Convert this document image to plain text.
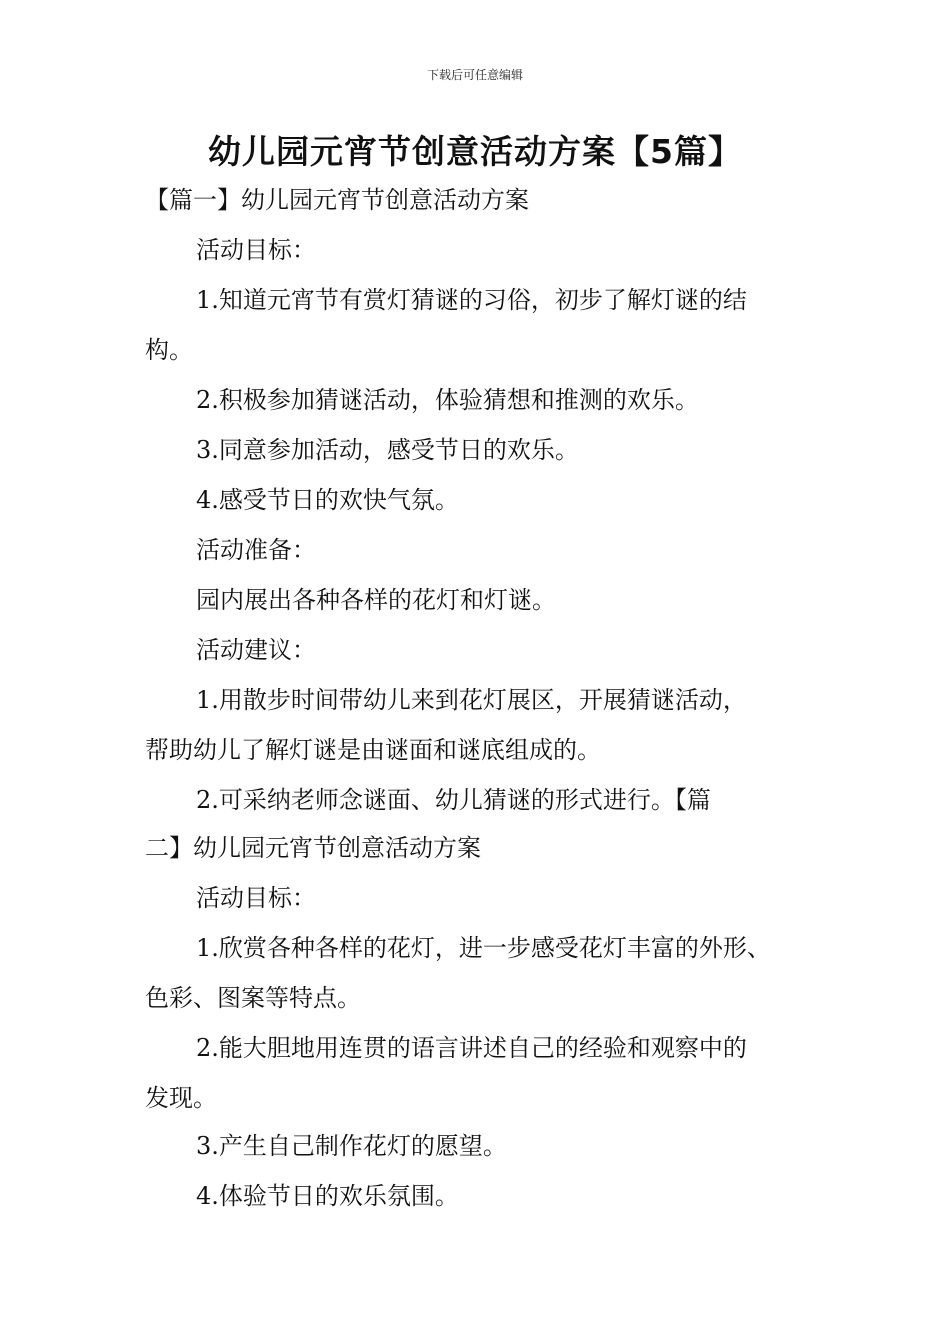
下载后可任意编辑
幼儿园元宵节创意活动方案【5篇】
【篇一】幼儿园元宵节创意活动方案
活动目标：
1.知道元宵节有赏灯猜谜的习俗，初步了解灯谜的结
构。
2.积极参加猜谜活动，体验猜想和推测的欢乐。
3.同意参加活动，感受节日的欢乐。
4.感受节日的欢快气氛。
活动准备：
园内展出各种各样的花灯和灯谜。
活动建议：
1.用散步时间带幼儿来到花灯展区，开展猜谜活动，
帮助幼儿了解灯谜是由谜面和谜底组成的。
2.可采纳老师念谜面、幼儿猜谜的形式进行。【篇
二】幼儿园元宵节创意活动方案
活动目标：
1.欣赏各种各样的花灯，进一步感受花灯丰富的外形、
色彩、图案等特点。
2.能大胆地用连贯的语言讲述自己的经验和观察中的
发现。
3.产生自己制作花灯的愿望。
4.体验节日的欢乐氛围。
